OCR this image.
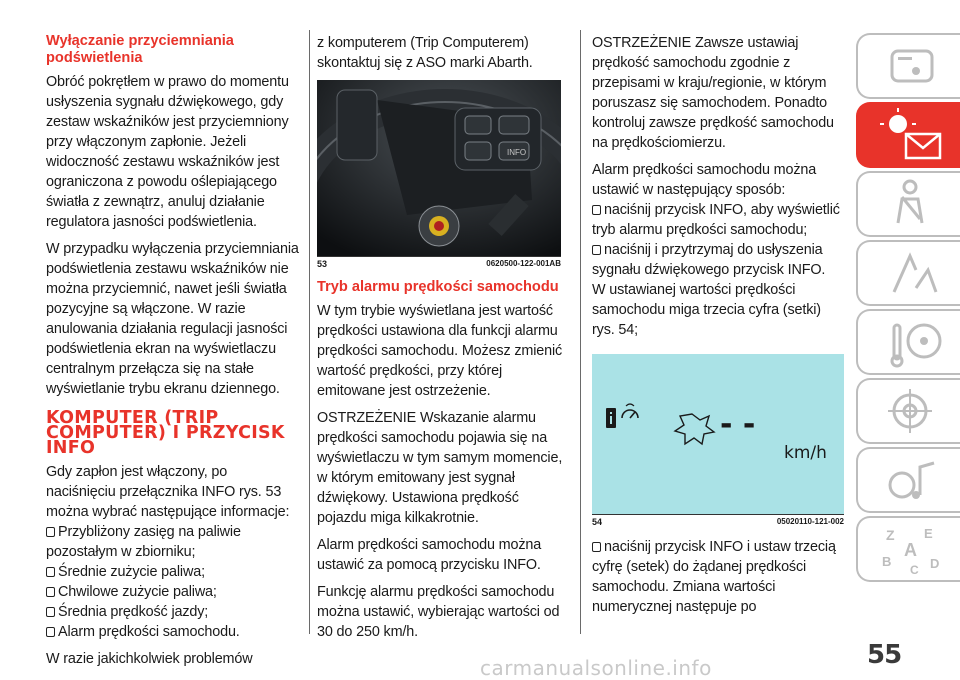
Wyłączanie przyciemniania podświetlenia

Obróć pokrętłem w prawo do momentu usłyszenia sygnału dźwiękowego, gdy zestaw wskaźników jest przyciemniony przy włączonym zapłonie. Jeżeli widoczność zestawu wskaźników jest ograniczona z powodu oślepiającego światła z zewnątrz, anuluj działanie regulatora jasności podświetlenia.

W przypadku wyłączenia przyciemniania podświetlenia zestawu wskaźników nie można przyciemnić, nawet jeśli światła pozycyjne są włączone. W razie anulowania działania regulacji jasności podświetlenia ekran na wyświetlaczu centralnym przełącza się na stałe wyświetlanie trybu ekranu dziennego.

KOMPUTER (TRIP COMPUTER) I PRZYCISK INFO

Gdy zapłon jest włączony, po naciśnięciu przełącznika INFO rys. 53 można wybrać następujące informacje:

Przybliżony zasięg na paliwie pozostałym w zbiorniku;
Średnie zużycie paliwa;
Chwilowe zużycie paliwa;
Średnia prędkość jazdy;
Alarm prędkości samochodu.

W razie jakichkolwiek problemów

z komputerem (Trip Computerem) skontaktuj się z ASO marki Abarth.

INFO
53	0620500-122-001AB
Tryb alarmu prędkości samochodu

W tym trybie wyświetlana jest wartość prędkości ustawiona dla funkcji alarmu prędkości samochodu. Możesz zmienić wartość prędkości, przy której emitowane jest ostrzeżenie.

OSTRZEŻENIE Wskazanie alarmu prędkości samochodu pojawia się na wyświetlaczu w tym samym momencie, w którym emitowany jest sygnał dźwiękowy. Ustawiona prędkość pojazdu miga kilkakrotnie.

Alarm prędkości samochodu można ustawić za pomocą przycisku INFO.

Funkcję alarmu prędkości samochodu można ustawić, wybierając wartości od 30 do 250 km/h.

OSTRZEŻENIE Zawsze ustawiaj prędkość samochodu zgodnie z przepisami w kraju/regionie, w którym poruszasz się samochodem. Ponadto kontroluj zawsze prędkość samochodu na prędkościomierzu.

Alarm prędkości samochodu można ustawić w następujący sposób:

naciśnij przycisk INFO, aby wyświetlić tryb alarmu prędkości samochodu;
naciśnij i przytrzymaj do usłyszenia sygnału dźwiękowego przycisk INFO.

W ustawianej wartości prędkości samochodu miga trzecia cyfra (setki) rys. 54;

- -
km/h
54	05020110-121-002
naciśnij przycisk INFO i ustaw trzecią cyfrę (setek) do żądanej prędkości samochodu. Zmiana wartości numerycznej następuje po
Z E
A
B
C D
55
carmanualsonline.info
